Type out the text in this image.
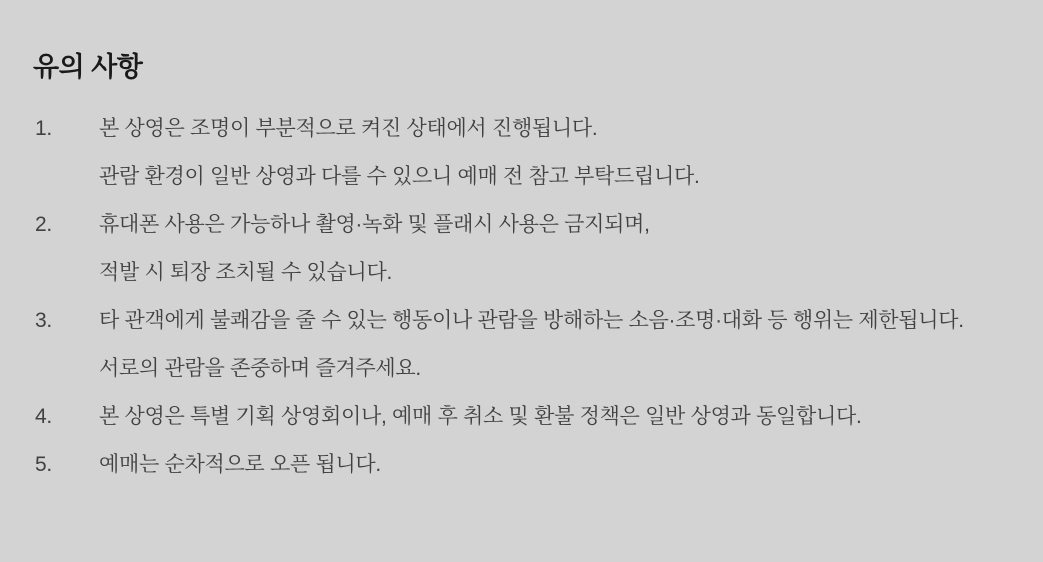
유의 사항
1.	본 상영은 조명이 부분적으로 켜진 상태에서 진행됩니다.
관람 환경이 일반 상영과 다를 수 있으니 예매 전 참고 부탁드립니다.
2.	휴대폰 사용은 가능하나 촬영·녹화 및 플래시 사용은 금지되며,
적발 시 퇴장 조치될 수 있습니다.
3.	타 관객에게 불쾌감을 줄 수 있는 행동이나 관람을 방해하는 소음·조명·대화 등 행위는 제한됩니다.
서로의 관람을 존중하며 즐겨주세요.
4.	본 상영은 특별 기획 상영회이나, 예매 후 취소 및 환불 정책은 일반 상영과 동일합니다.
5.	예매는 순차적으로 오픈 됩니다.
